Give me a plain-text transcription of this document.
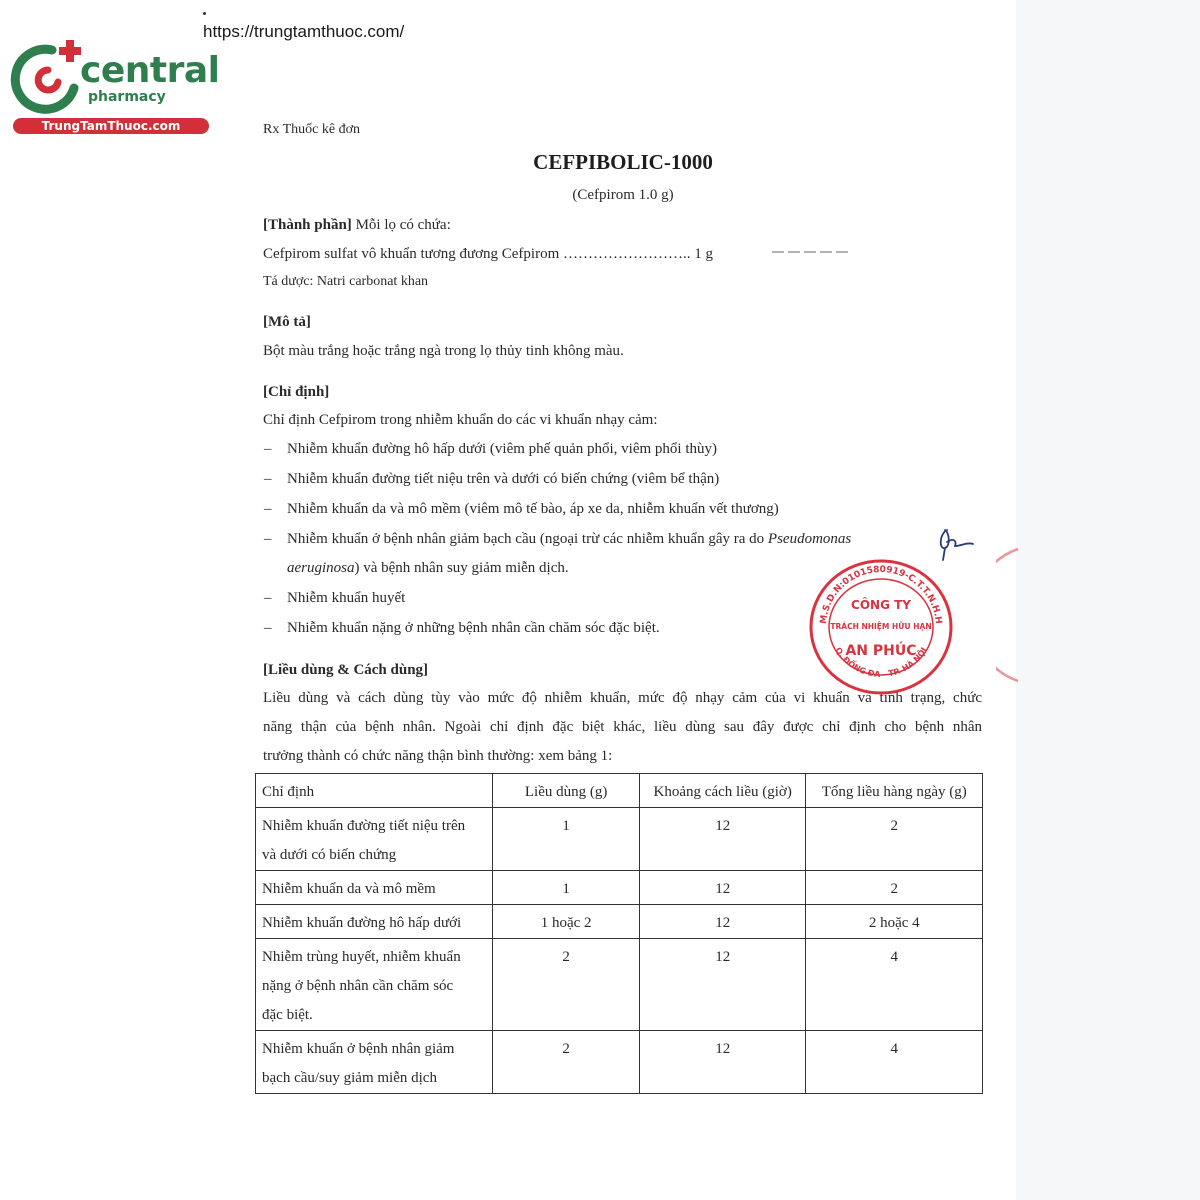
https://trungtamthuoc.com/
central
pharmacy
TrungTamThuoc.com	Rx Thuốc kê đơn
CEFPIBOLIC-1000
(Cefpirom 1.0 g)
[Thành phần] Mỗi lọ có chứa:
Cefpirom sulfat vô khuẩn tương đương Cefpirom …………………….. 1 g
Tá dược: Natri carbonat khan
[Mô tả]
Bột màu trắng hoặc trắng ngà trong lọ thủy tinh không màu.
[Chỉ định]
Chỉ định Cefpirom trong nhiễm khuẩn do các vi khuẩn nhạy cảm:
– Nhiễm khuẩn đường hô hấp dưới (viêm phế quản phổi, viêm phổi thùy)
– Nhiễm khuẩn đường tiết niệu trên và dưới có biến chứng (viêm bể thận)
– Nhiễm khuẩn da và mô mềm (viêm mô tế bào, áp xe da, nhiễm khuẩn vết thương)
– Nhiễm khuẩn ở bệnh nhân giảm bạch cầu (ngoại trừ các nhiễm khuẩn gây ra do Pseudomonas
aeruginosa) và bệnh nhân suy giảm miễn dịch.
– Nhiễm khuẩn huyết
– Nhiễm khuẩn nặng ở những bệnh nhân cần chăm sóc đặc biệt.
[Liều dùng & Cách dùng]
Liều dùng và cách dùng tùy vào mức độ nhiễm khuẩn, mức độ nhạy cảm của vi khuẩn và tình trạng, chức
năng thận của bệnh nhân. Ngoài chỉ định đặc biệt khác, liều dùng sau đây được chỉ định cho bệnh nhân
trưởng thành có chức năng thận bình thường: xem bảng 1:
Chỉ định	Liều dùng (g)	Khoảng cách liều (giờ)	Tổng liều hàng ngày (g)
Nhiễm khuẩn đường tiết niệu trên
và dưới có biến chứng	1	12	2
Nhiễm khuẩn da và mô mềm	1	12	2
Nhiễm khuẩn đường hô hấp dưới	1 hoặc 2	12	2 hoặc 4
Nhiễm trùng huyết, nhiễm khuẩn
nặng ở bệnh nhân cần chăm sóc
đặc biệt.	2	12	4
Nhiễm khuẩn ở bệnh nhân giảm
bạch cầu/suy giảm miễn dịch	2	12	4
M.S.D.N:0101580919-C.T.T.N.H.H
Q. ĐỐNG ĐA - TP. HÀ NỘI
CÔNG TY
TRÁCH NHIỆM HỮU HẠN
AN PHÚC
